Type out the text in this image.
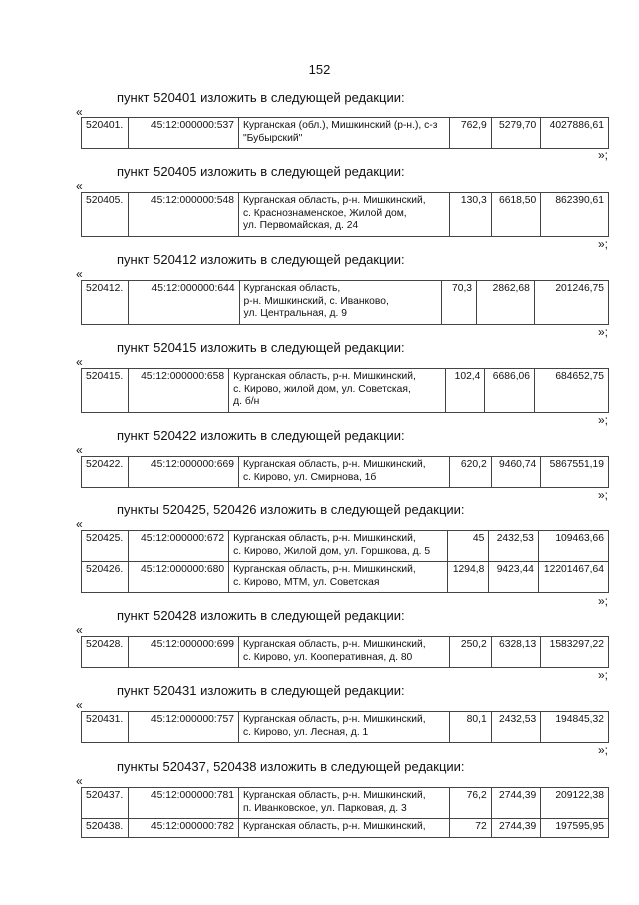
152
пункт 520401 изложить в следующей редакции:
«
520401.	45:12:000000:537	Курганская (обл.), Мишкинский (р-н.), с-з
"Бубырский"	762,9	5279,70	4027886,61
»;
пункт 520405 изложить в следующей редакции:
«
520405.	45:12:000000:548	Курганская область, р-н. Мишкинский,
с. Краснознаменское, Жилой дом,
ул. Первомайская, д. 24	130,3	6618,50	862390,61
»;
пункт 520412 изложить в следующей редакции:
«
520412.	45:12:000000:644	Курганская область,
р-н. Мишкинский, с. Иванково,
ул. Центральная, д. 9	70,3	2862,68	201246,75
»;
пункт 520415 изложить в следующей редакции:
«
520415.	45:12:000000:658	Курганская область, р-н. Мишкинский,
с. Кирово, жилой дом, ул. Советская,
д. б/н	102,4	6686,06	684652,75
»;
пункт 520422 изложить в следующей редакции:
«
520422.	45:12:000000:669	Курганская область, р-н. Мишкинский,
с. Кирово, ул. Смирнова, 1б	620,2	9460,74	5867551,19
»;
пункты 520425, 520426 изложить в следующей редакции:
«
520425.	45:12:000000:672	Курганская область, р-н. Мишкинский,
с. Кирово, Жилой дом, ул. Горшкова, д. 5	45	2432,53	109463,66
520426.	45:12:000000:680	Курганская область, р-н. Мишкинский,
с. Кирово, МТМ, ул. Советская	1294,8	9423,44	12201467,64
»;
пункт 520428 изложить в следующей редакции:
«
520428.	45:12:000000:699	Курганская область, р-н. Мишкинский,
с. Кирово, ул. Кооперативная, д. 80	250,2	6328,13	1583297,22
»;
пункт 520431 изложить в следующей редакции:
«
520431.	45:12:000000:757	Курганская область, р-н. Мишкинский,
с. Кирово, ул. Лесная, д. 1	80,1	2432,53	194845,32
»;
пункты 520437, 520438 изложить в следующей редакции:
«
520437.	45:12:000000:781	Курганская область, р-н. Мишкинский,
п. Иванковское, ул. Парковая, д. 3	76,2	2744,39	209122,38
520438.	45:12:000000:782	Курганская область, р-н. Мишкинский,	72	2744,39	197595,95
